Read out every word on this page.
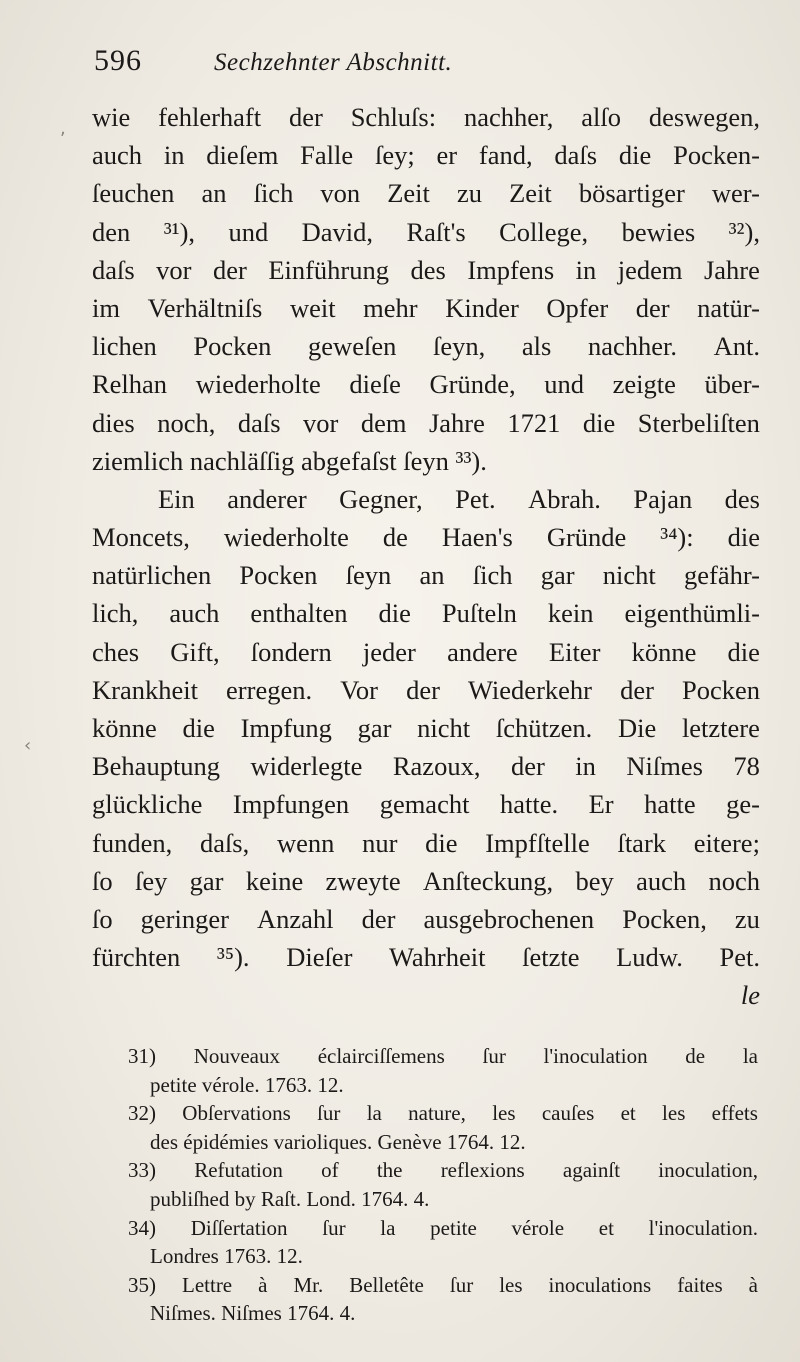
596	Sechzehnter Abschnitt.
wie fehlerhaft der Schluſs: nachher, alſo deswegen,
auch in dieſem Falle ſey; er fand, daſs die Pocken-
ſeuchen an ſich von Zeit zu Zeit bösartiger wer-
den ³¹), und David, Raſt's College, bewies ³²),
daſs vor der Einführung des Impfens in jedem Jahre
im Verhältniſs weit mehr Kinder Opfer der natür-
lichen Pocken geweſen ſeyn, als nachher. Ant.
Relhan wiederholte dieſe Gründe, und zeigte über-
dies noch, daſs vor dem Jahre 1721 die Sterbeliſten
ziemlich nachläſſig abgefaſst ſeyn ³³).
Ein anderer Gegner, Pet. Abrah. Pajan des
Moncets, wiederholte de Haen's Gründe ³⁴): die
natürlichen Pocken ſeyn an ſich gar nicht gefähr-
lich, auch enthalten die Puſteln kein eigenthümli-
ches Gift, ſondern jeder andere Eiter könne die
Krankheit erregen. Vor der Wiederkehr der Pocken
könne die Impfung gar nicht ſchützen. Die letztere
Behauptung widerlegte Razoux, der in Niſmes 78
glückliche Impfungen gemacht hatte. Er hatte ge-
funden, daſs, wenn nur die Impfſtelle ſtark eitere;
ſo ſey gar keine zweyte Anſteckung, bey auch noch
ſo geringer Anzahl der ausgebrochenen Pocken, zu
fürchten ³⁵). Dieſer Wahrheit ſetzte Ludw. Pet.
le
31) Nouveaux éclairciſſemens ſur l'inoculation de la
petite vérole. 1763. 12.
32) Obſervations ſur la nature, les cauſes et les effets
des épidémies varioliques. Genève 1764. 12.
33) Refutation of the reflexions againſt inoculation,
publiſhed by Raſt. Lond. 1764. 4.
34) Diſſertation ſur la petite vérole et l'inoculation.
Londres 1763. 12.
35) Lettre à Mr. Belletête ſur les inoculations faites à
Niſmes. Niſmes 1764. 4.
,
‹
